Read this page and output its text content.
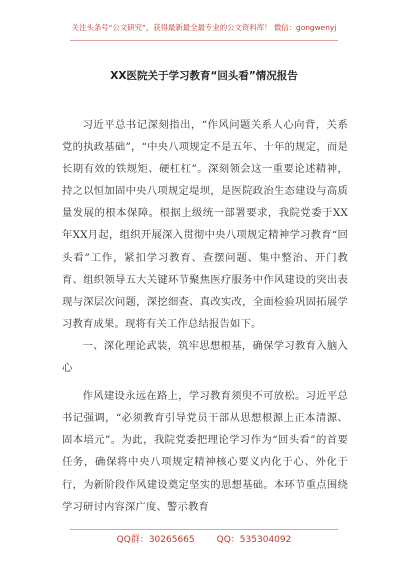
关注头条号“公文研究”，获得最新最全最专业的公文资料库！ 微信：gongwenyj
XX医院关于学习教育“回头看”情况报告

习近平总书记深刻指出，“作风问题关系人心向背，关系党的执政基础”，“中央八项规定不是五年、十年的规定，而是长期有效的铁规矩、硬杠杠”。深刻领会这一重要论述精神，持之以恒加固中央八项规定堤坝，是医院政治生态建设与高质量发展的根本保障。根据上级统一部署要求，我院党委于XX年XX月起，组织开展深入贯彻中央八项规定精神学习教育“回头看”工作，紧扣学习教育、查摆问题、集中整治、开门教育、组织领导五大关键环节聚焦医疗服务中作风建设的突出表现与深层次问题，深挖细查、真改实改，全面检验巩固拓展学习教育成果。现将有关工作总结报告如下。

一、深化理论武装，筑牢思想根基，确保学习教育入脑入心

作风建设永远在路上，学习教育须臾不可放松。习近平总书记强调，“必须教育引导党员干部从思想根源上正本清源、固本培元”。为此，我院党委把理论学习作为“回头看”的首要任务，确保将中央八项规定精神核心要义内化于心、外化于行，为新阶段作风建设奠定坚实的思想基础。本环节重点围绕学习研讨内容深广度、警示教育

QQ群：30265665 QQ：535304092
